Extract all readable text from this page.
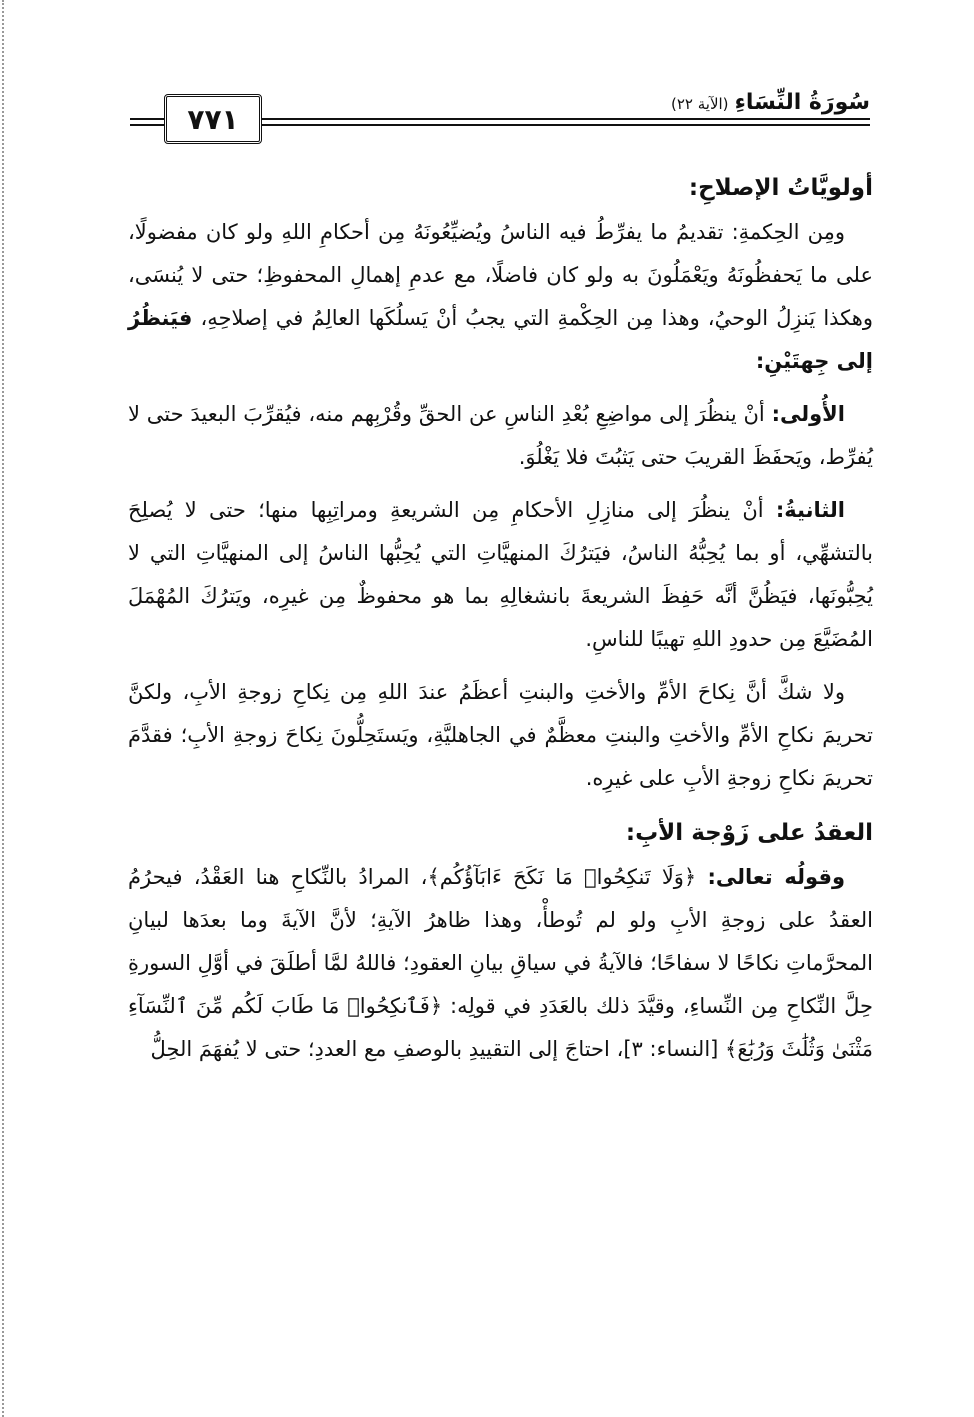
٧٧١	سُورَةُ النِّسَاءِ (الآية ٢٢)
أولويَّاتُ الإصلاحِ:

ومِن الحِكمةِ: تقديمُ ما يفرِّطُ فيه الناسُ ويُضيِّعُونَهُ مِن أحكامِ اللهِ ولو كان مفضولًا، على ما يَحفظُونَهُ ويَعْمَلُونَ به ولو كان فاضلًا، مع عدمِ إهمالِ المحفوظِ؛ حتى لا يُنسَى، وهكذا يَنزِلُ الوحيُ، وهذا مِن الحِكْمةِ التي يجبُ أنْ يَسلُكَها العالِمُ في إصلاحِهِ، فيَنظُرُ إلى جِهتَيْنِ:

الأُولى: أنْ ينظُرَ إلى مواضِعِ بُعْدِ الناسِ عن الحقِّ وقُرْبِهم منه، فيُقرِّبَ البعيدَ حتى لا يُفرِّط، ويَحفَظَ القريبَ حتى يَثبُتَ فلا يَغْلُوَ.

الثانيةُ: أنْ ينظُرَ إلى منازِلِ الأحكامِ مِن الشريعةِ ومراتِبِها منها؛ حتى لا يُصلِحَ بالتشهِّي، أو بما يُحِبُّهُ الناسُ، فيَترُكَ المنهيَّاتِ التي يُحِبُّها الناسُ إلى المنهيَّاتِ التي لا يُحِبُّونَها، فيَظُنَّ أنَّه حَفِظَ الشريعةَ بانشغالِهِ بما هو محفوظٌ مِن غيرِه، ويَترُكَ المُهْمَلَ المُضَيَّعَ مِن حدودِ اللهِ تهيبًا للناسِ.

ولا شكَّ أنَّ نِكاحَ الأمِّ والأختِ والبنتِ أعظَمُ عندَ اللهِ مِن نِكاحِ زوجةِ الأبِ، ولكنَّ تحريمَ نكاحِ الأمِّ والأختِ والبنتِ معظَّمٌ في الجاهليَّةِ، ويَستَحِلُّونَ نِكاحَ زوجةِ الأبِ؛ فقدَّمَ تحريمَ نكاحِ زوجةِ الأبِ على غيرِه.

العقدُ على زَوْجة الأبِ:

وقولُه تعالى: ﴿وَلَا تَنكِحُوا۟ مَا نَكَحَ ءَابَآؤُكُم﴾، المرادُ بالنِّكاحِ هنا العَقْدُ، فيحرُمُ العقدُ على زوجةِ الأبِ ولو لم تُوطأْ، وهذا ظاهرُ الآيةِ؛ لأنَّ الآيةَ وما بعدَها لبيانِ المحرَّماتِ نكاحًا لا سفاحًا؛ فالآيةُ في سياقِ بيانِ العقودِ؛ فاللهُ لمَّا أطلَقَ في أوَّلِ السورةِ حِلَّ النِّكاحِ مِن النِّساءِ، وقيَّدَ ذلك بالعَدَدِ في قولِه: ﴿فَٱنكِحُوا۟ مَا طَابَ لَكُم مِّنَ ٱلنِّسَآءِ مَثْنَىٰ وَثُلَٰثَ وَرُبَٰعَ﴾ [النساء: ٣]، احتاجَ إلى التقييدِ بالوصفِ مع العددِ؛ حتى لا يُفهَمَ الحِلُّ
